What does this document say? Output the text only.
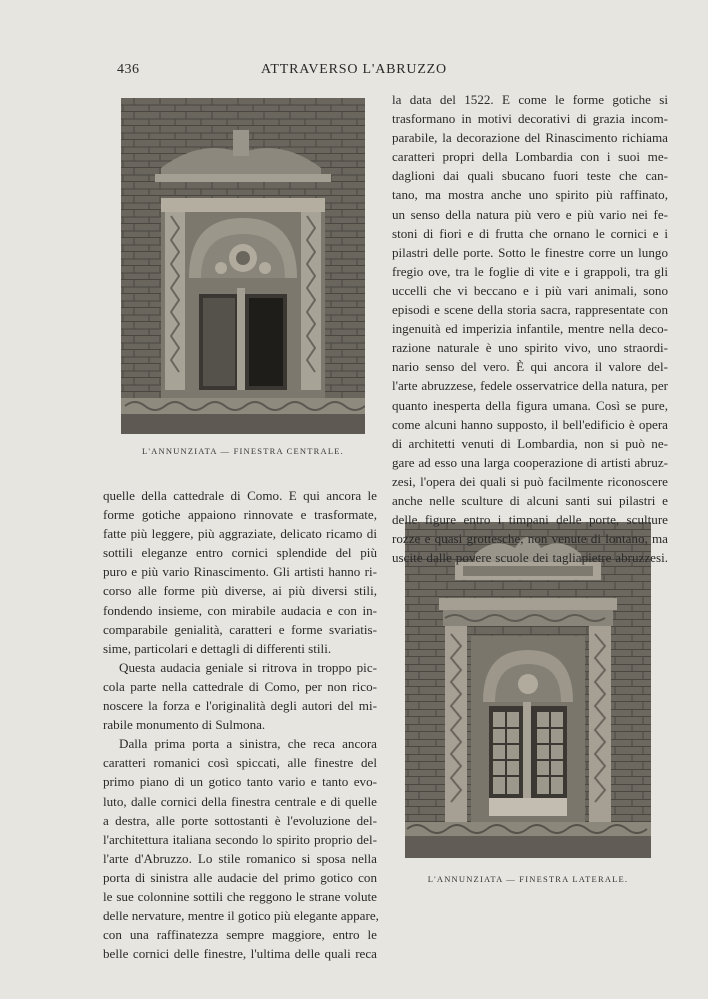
436	ATTRAVERSO L'ABRUZZO
L'ANNUNZIATA — FINESTRA CENTRALE.
L'ANNUNZIATA — FINESTRA LATERALE.
la data del 1522. E come le forme gotiche si
trasformano in motivi decorativi di grazia incom-
parabile, la decorazione del Rinascimento richiama
caratteri propri della Lombardia con i suoi me-
daglioni dai quali sbucano fuori teste che can-
tano, ma mostra anche uno spirito più raffinato,
un senso della natura più vero e più vario nei fe-
stoni di fiori e di frutta che ornano le cornici e i
pilastri delle porte. Sotto le finestre corre un lungo
fregio ove, tra le foglie di vite e i grappoli, tra gli
uccelli che vi beccano e i più vari animali, sono
episodi e scene della storia sacra, rappresentate con
ingenuità ed imperizia infantile, mentre nella deco-
razione naturale è uno spirito vivo, uno straordi-
nario senso del vero. È qui ancora il valore del-
l'arte abruzzese, fedele osservatrice della natura, per
quanto inesperta della figura umana. Così se pure,
come alcuni hanno supposto, il bell'edificio è opera
di architetti venuti di Lombardia, non si può ne-
gare ad esso una larga cooperazione di artisti abruz-
zesi, l'opera dei quali si può facilmente riconoscere
anche nelle sculture di alcuni santi sui pilastri e
delle figure entro i timpani delle porte, sculture
rozze e quasi grottesche, non venute di lontano, ma
uscite dalle povere scuole dei tagliapietre abruzzesi.

quelle della cattedrale di Como. E qui ancora le
forme gotiche appaiono rinnovate e trasformate,
fatte più leggere, più aggraziate, delicato ricamo di
sottili eleganze entro cornici splendide del più
puro e più vario Rinascimento. Gli artisti hanno ri-
corso alle forme più diverse, ai più diversi stili,
fondendo insieme, con mirabile audacia e con in-
comparabile genialità, caratteri e forme svariatis-
sime, particolari e dettagli di differenti stili.

Questa audacia geniale si ritrova in troppo pic-
cola parte nella cattedrale di Como, per non rico-
noscere la forza e l'originalità degli autori del mi-
rabile monumento di Sulmona.

Dalla prima porta a sinistra, che reca ancora
caratteri romanici così spiccati, alle finestre del
primo piano di un gotico tanto vario e tanto evo-
luto, dalle cornici della finestra centrale e di quelle
a destra, alle porte sottostanti è l'evoluzione del-
l'architettura italiana secondo lo spirito proprio del-
l'arte d'Abruzzo. Lo stile romanico si sposa nella
porta di sinistra alle audacie del primo gotico con
le sue colonnine sottili che reggono le strane volute
delle nervature, mentre il gotico più elegante appare,
con una raffinatezza sempre maggiore, entro le
belle cornici delle finestre, l'ultima delle quali reca
